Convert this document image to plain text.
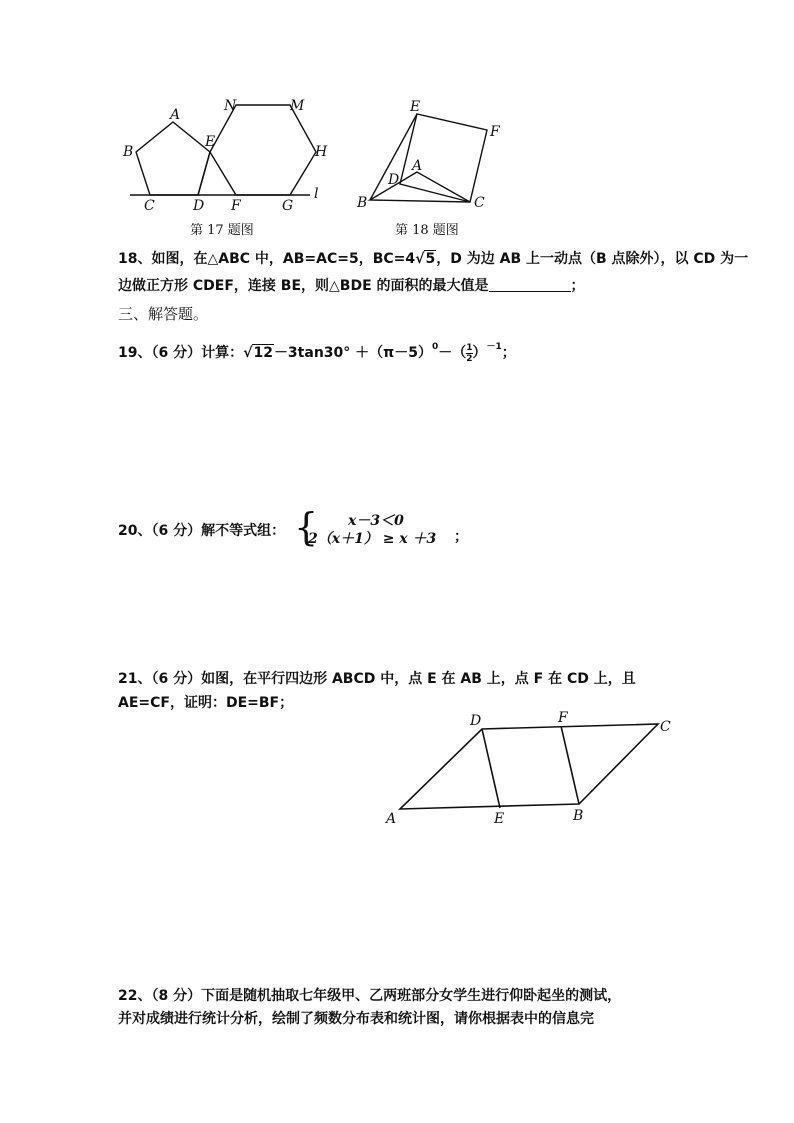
A
B
C	D
E
F	G
H
M
N
l
第 17 题图
A
B	C
D
E
F
第 18 题图
18、如图，在△ABC 中，AB=AC=5，BC=4√5，D 为边 AB 上一动点（B 点除外），以 CD 为一
边做正方形 CDEF，连接 BE，则△BDE 的面积的最大值是	；
三、解答题。
19、（6 分）计算：$√12-3\tan 30^\circ +(\pi-5)^0-( \frac{1}{2} )^{-1}$；
20、（6 分）解不等式组： { x－3＜0
2（x＋1） ≥ x ＋3 ；
21、（6 分）如图，在平行四边形 ABCD 中，点 E 在 AB 上，点 F 在 CD 上，且
AE=CF，证明：DE=BF；
A	B
C
D
E
F
22、（8 分）下面是随机抽取七年级甲、乙两班部分女学生进行仰卧起坐的测试，
并对成绩进行统计分析，绘制了频数分布表和统计图，请你根据表中的信息完
